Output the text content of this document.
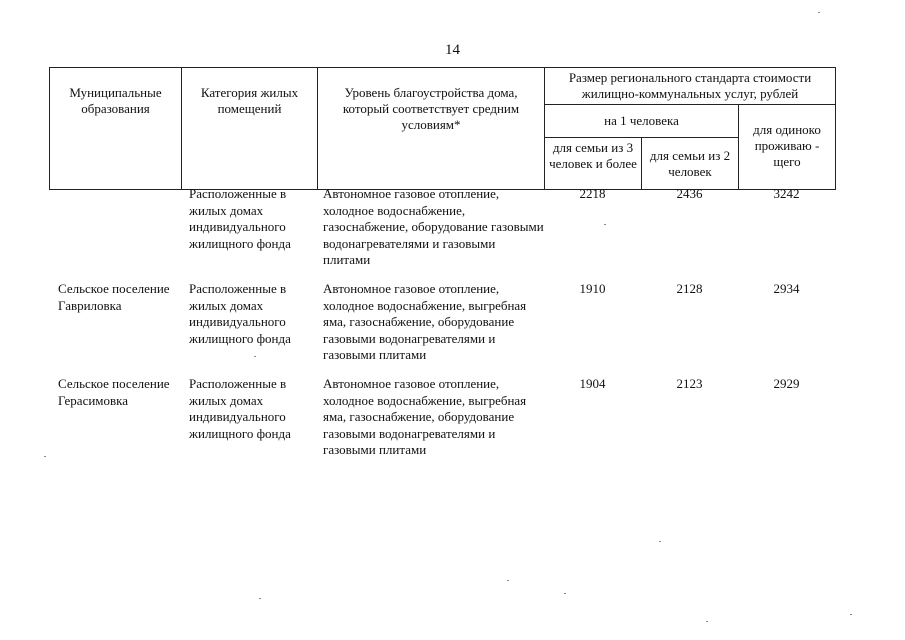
14
Муниципальные образования	Категория жилых помещений	Уровень благоустройства дома, который соответствует средним условиям*	Размер регионального стандарта стоимости жилищно-коммунальных услуг, рублей		
			на 1 человека		для одиноко проживаю - щего
			для семьи из 3 человек и более	для семьи из 2 человек	
	Расположенные в жилых домах индивидуального жилищного фонда	Автономное газовое отопление, холодное водоснабжение, газоснабжение, оборудование газовыми водонагревателями и газовыми плитами	2218	2436	3242
Сельское поселение Гавриловка	Расположенные в жилых домах индивидуального жилищного фонда	Автономное газовое отопление, холодное водоснабжение, выгребная яма, газоснабжение, оборудование газовыми водонагревателями и газовыми плитами	1910	2128	2934
Сельское поселение Герасимовка	Расположенные в жилых домах индивидуального жилищного фонда	Автономное газовое отопление, холодное водоснабжение, выгребная яма, газоснабжение, оборудование газовыми водонагревателями и газовыми плитами	1904	2123	2929
